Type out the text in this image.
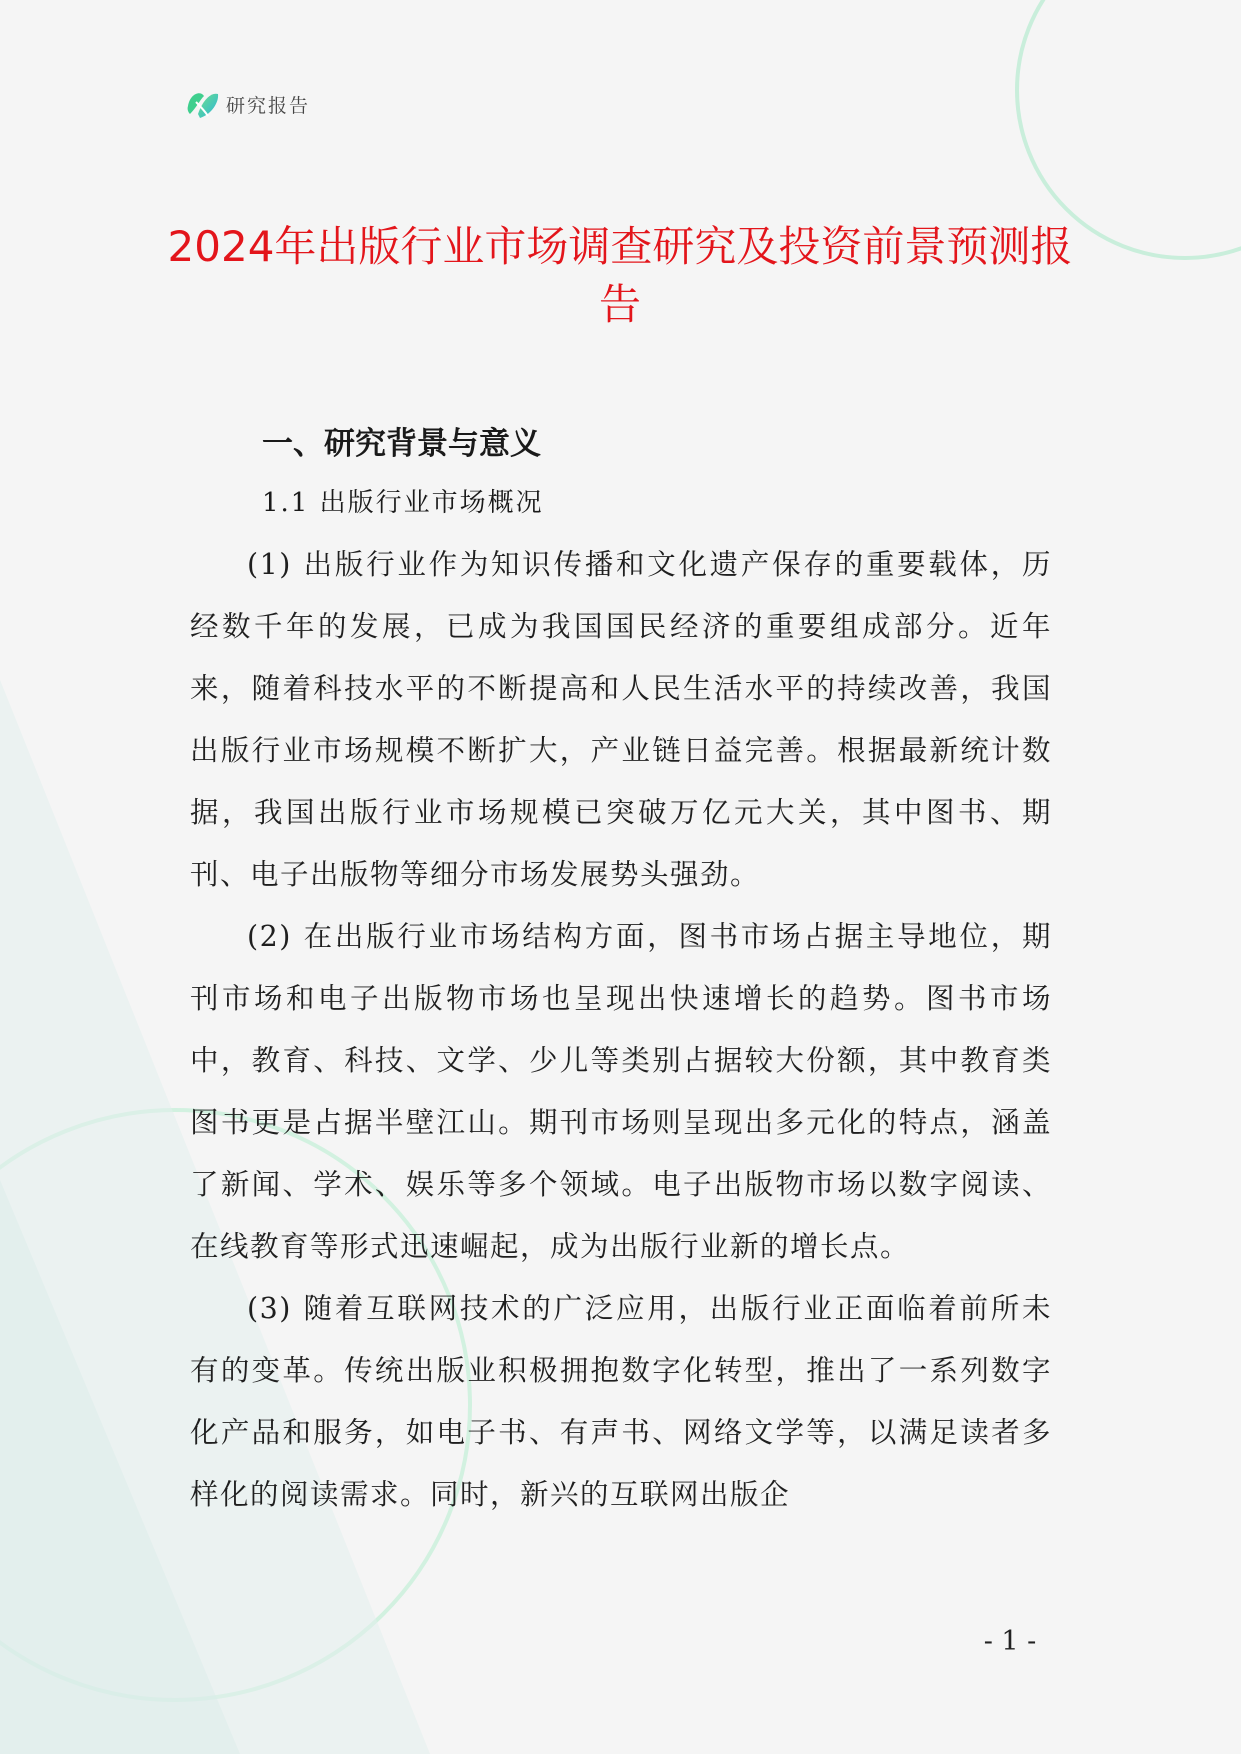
研究报告
2024年出版行业市场调查研究及投资前景预测报告
一、研究背景与意义
1.1 出版行业市场概况

(1) 出版行业作为知识传播和文化遗产保存的重要载体，历经数千年的发展，已成为我国国民经济的重要组成部分。近年来，随着科技水平的不断提高和人民生活水平的持续改善，我国出版行业市场规模不断扩大，产业链日益完善。根据最新统计数据，我国出版行业市场规模已突破万亿元大关，其中图书、期刊、电子出版物等细分市场发展势头强劲。

(2) 在出版行业市场结构方面，图书市场占据主导地位，期刊市场和电子出版物市场也呈现出快速增长的趋势。图书市场中，教育、科技、文学、少儿等类别占据较大份额，其中教育类图书更是占据半壁江山。期刊市场则呈现出多元化的特点，涵盖了新闻、学术、娱乐等多个领域。电子出版物市场以数字阅读、在线教育等形式迅速崛起，成为出版行业新的增长点。

(3) 随着互联网技术的广泛应用，出版行业正面临着前所未有的变革。传统出版业积极拥抱数字化转型，推出了一系列数字化产品和服务，如电子书、有声书、网络文学等，以满足读者多样化的阅读需求。同时，新兴的互联网出版企

- 1 -
